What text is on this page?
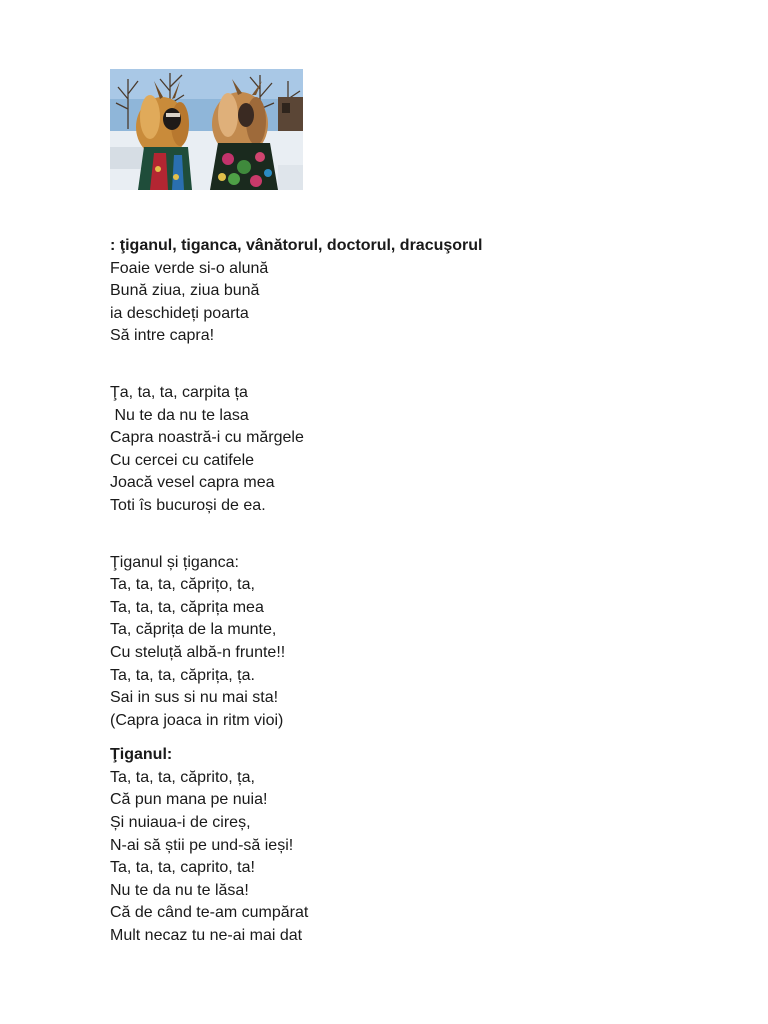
: ţiganul, tiganca, vânătorul, doctorul, dracuşorul
Foaie verde si-o alună
Bună ziua, ziua bună
ia deschideți poarta
Să intre capra!
Ţa, ta, ta, carpita ța
Nu te da nu te lasa
Capra noastră-i cu mărgele
Cu cercei cu catifele
Joacă vesel capra mea
Toti îs bucuroși de ea.
Ţiganul și țiganca:
Ta, ta, ta, căprițo, ta,
Ta, ta, ta, căprița mea
Ta, căprița de la munte,
Cu steluță albă-n frunte!!
Ta, ta, ta, căprița, ța.
Sai in sus si nu mai sta!
(Capra joaca in ritm vioi)
Ţiganul:
Ta, ta, ta, căprito, ța,
Că pun mana pe nuia!
Și nuiaua-i de cireș,
N-ai să știi pe und-să ieși!
Ta, ta, ta, caprito, ta!
Nu te da nu te lăsa!
Că de când te-am cumpărat
Mult necaz tu ne-ai mai dat
